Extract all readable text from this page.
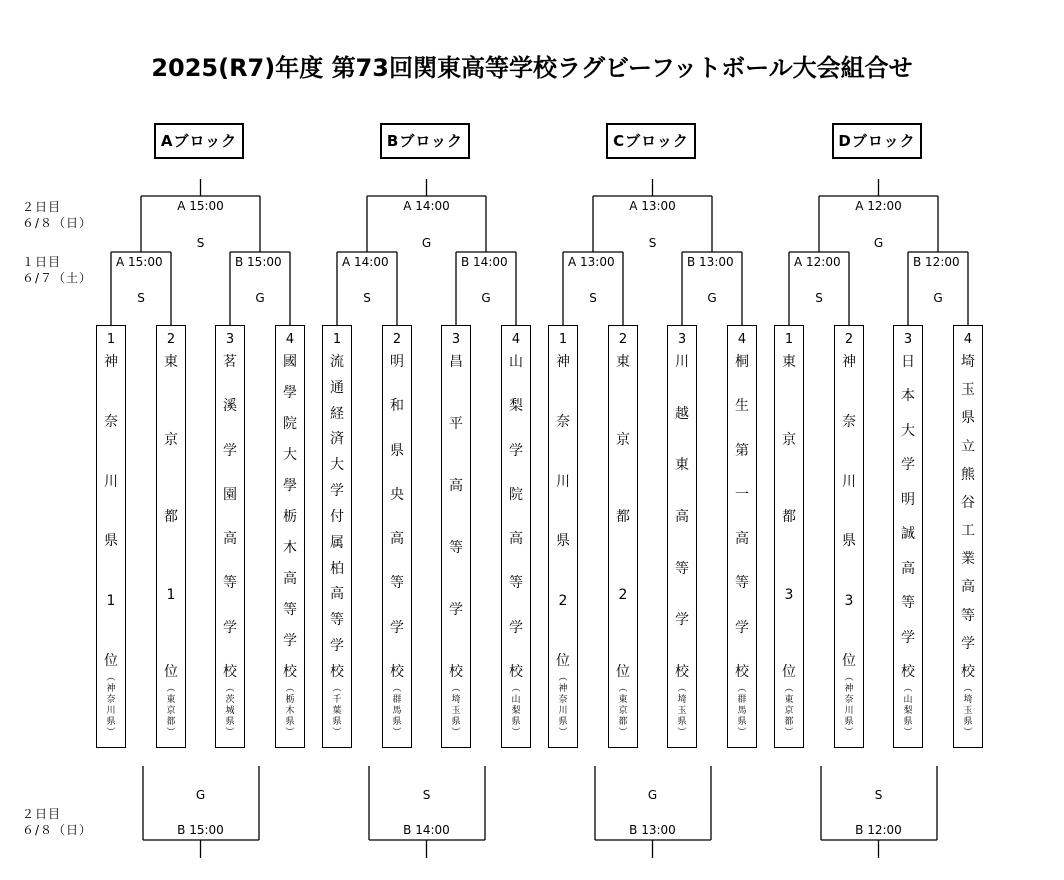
2025(R7)年度 第73回関東高等学校ラグビーフットボール大会組合せ
２日目
６/８（日）
１日目
６/７（土）
２日目
６/８（日）
A 15:00
S
A 15:00
S
B 15:00
G
G
B 15:00
A 14:00
G
A 14:00
S
B 14:00
G
S
B 14:00
A 13:00
S
A 13:00
S
B 13:00
G
G
B 13:00
A 12:00
G
A 12:00
S
B 12:00
G
S
B 12:00
Aブロック
1
神
奈
川
県
1
位
︵
神
奈
川
県
︶
2
東
京
都
1
位
︵
東
京
都
︶
3
茗
溪
学
園
高
等
学
校
︵
茨
城
県
︶
4
國
學
院
大
學
栃
木
高
等
学
校
︵
栃
木
県
︶
Bブロック
1
流
通
経
済
大
学
付
属
柏
高
等
学
校
︵
千
葉
県
︶
2
明
和
県
央
高
等
学
校
︵
群
馬
県
︶
3
昌
平
高
等
学
校
︵
埼
玉
県
︶
4
山
梨
学
院
高
等
学
校
︵
山
梨
県
︶
Cブロック
1
神
奈
川
県
2
位
︵
神
奈
川
県
︶
2
東
京
都
2
位
︵
東
京
都
︶
3
川
越
東
高
等
学
校
︵
埼
玉
県
︶
4
桐
生
第
一
高
等
学
校
︵
群
馬
県
︶
Dブロック
1
東
京
都
3
位
︵
東
京
都
︶
2
神
奈
川
県
3
位
︵
神
奈
川
県
︶
3
日
本
大
学
明
誠
高
等
学
校
︵
山
梨
県
︶
4
埼
玉
県
立
熊
谷
工
業
高
等
学
校
︵
埼
玉
県
︶
